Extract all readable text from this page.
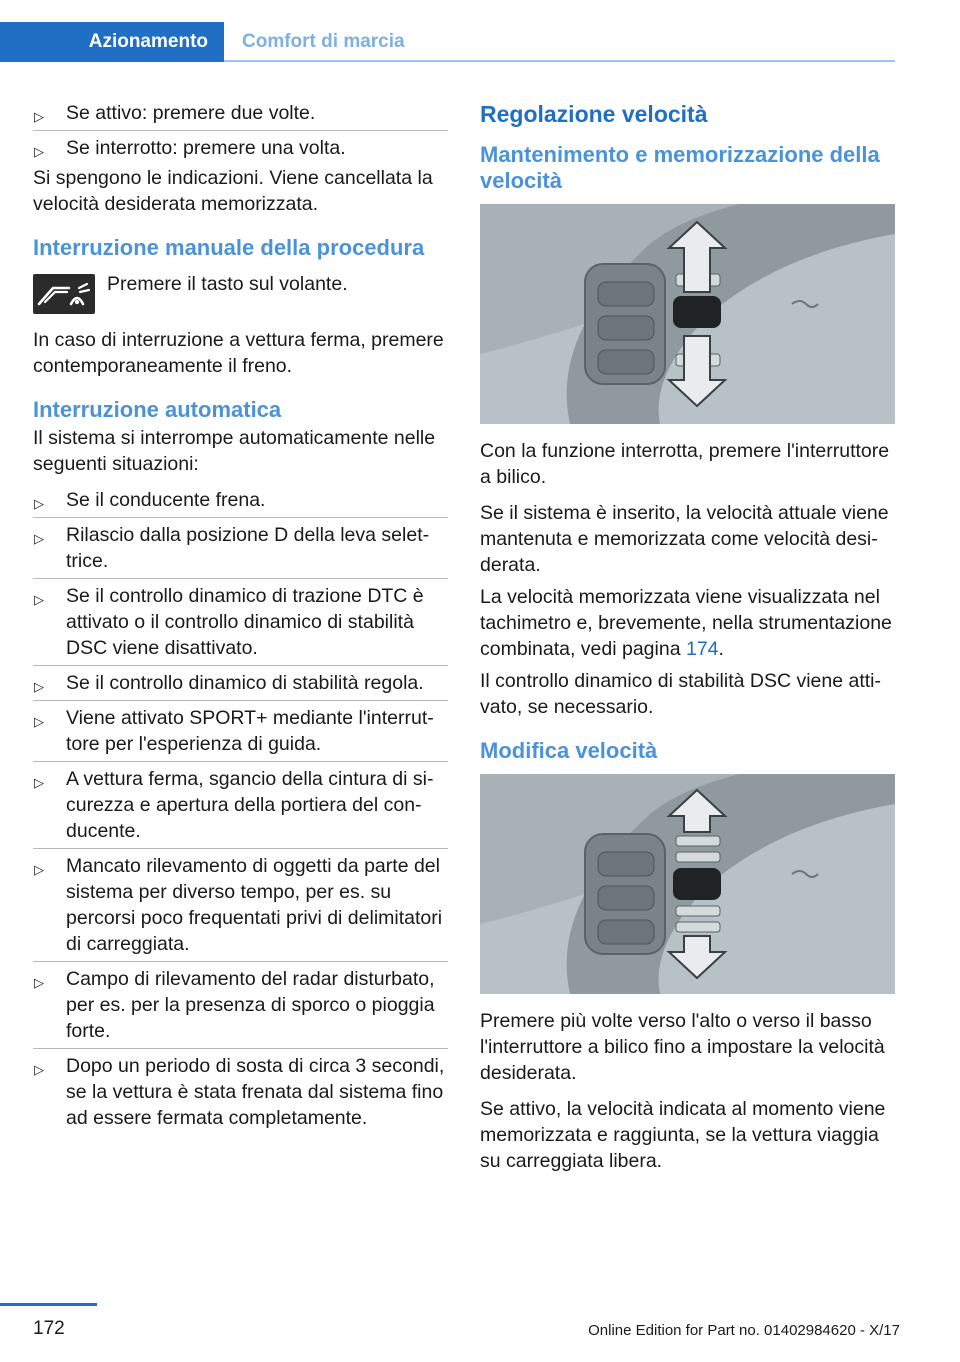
Azionamento	Comfort di marcia
▷ Se attivo: premere due volte.
▷ Se interrotto: premere una volta.

Si spengono le indicazioni. Viene cancellata la velocità desiderata memorizzata.

Interruzione manuale della procedura
Premere il tasto sul volante.

In caso di interruzione a vettura ferma, premere contemporaneamente il freno.

Interruzione automatica

Il sistema si interrompe automaticamente nelle seguenti situazioni:

▷ Se il conducente frena.
▷ Rilascio dalla posizione D della leva selettrice.
▷ Se il controllo dinamico di trazione DTC è attivato o il controllo dinamico di stabilità DSC viene disattivato.
▷ Se il controllo dinamico di stabilità regola.
▷ Viene attivato SPORT+ mediante l'interruttore per l'esperienza di guida.
▷ A vettura ferma, sgancio della cintura di sicurezza e apertura della portiera del conducente.
▷ Mancato rilevamento di oggetti da parte del sistema per diverso tempo, per es. su percorsi poco frequentati privi di delimitatori di carreggiata.
▷ Campo di rilevamento del radar disturbato, per es. per la presenza di sporco o pioggia forte.
▷ Dopo un periodo di sosta di circa 3 secondi, se la vettura è stata frenata dal sistema fino ad essere fermata completamente.
Regolazione velocità
Mantenimento e memorizzazione della velocità

Con la funzione interrotta, premere l'interruttore a bilico.

Se il sistema è inserito, la velocità attuale viene mantenuta e memorizzata come velocità desiderata.

La velocità memorizzata viene visualizzata nel tachimetro e, brevemente, nella strumentazione combinata, vedi pagina 174.

Il controllo dinamico di stabilità DSC viene attivato, se necessario.

Modifica velocità

Premere più volte verso l'alto o verso il basso l'interruttore a bilico fino a impostare la velocità desiderata.

Se attivo, la velocità indicata al momento viene memorizzata e raggiunta, se la vettura viaggia su carreggiata libera.

172	Online Edition for Part no. 01402984620 - X/17
